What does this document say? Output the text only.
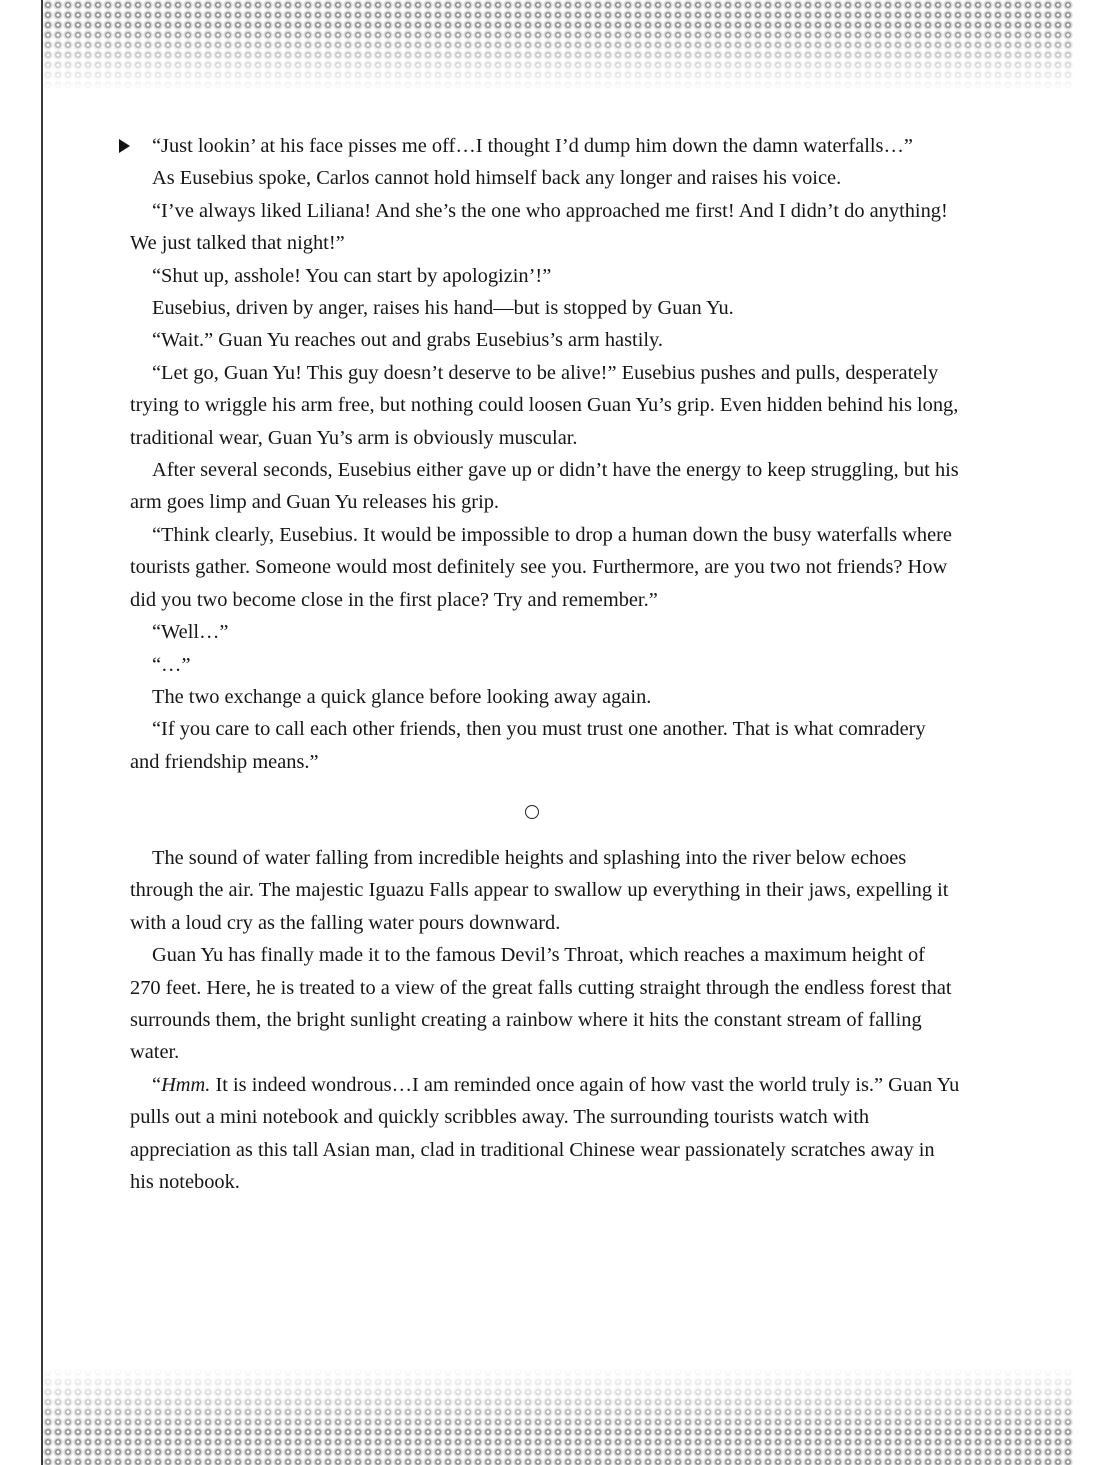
“Just lookin’ at his face pisses me off…I thought I’d dump him down the damn waterfalls…”

As Eusebius spoke, Carlos cannot hold himself back any longer and raises his voice.

“I’ve always liked Liliana! And she’s the one who approached me first! And I didn’t do anything! We just talked that night!”

“Shut up, asshole! You can start by apologizin’!”

Eusebius, driven by anger, raises his hand—but is stopped by Guan Yu.

“Wait.” Guan Yu reaches out and grabs Eusebius’s arm hastily.

“Let go, Guan Yu! This guy doesn’t deserve to be alive!” Eusebius pushes and pulls, desperately trying to wriggle his arm free, but nothing could loosen Guan Yu’s grip. Even hidden behind his long, traditional wear, Guan Yu’s arm is obviously muscular.

After several seconds, Eusebius either gave up or didn’t have the energy to keep struggling, but his arm goes limp and Guan Yu releases his grip.

“Think clearly, Eusebius. It would be impossible to drop a human down the busy waterfalls where tourists gather. Someone would most definitely see you. Furthermore, are you two not friends? How did you two become close in the first place? Try and remember.”

“Well…”

“…”

The two exchange a quick glance before looking away again.

“If you care to call each other friends, then you must trust one another. That is what comradery and friendship means.”

The sound of water falling from incredible heights and splashing into the river below echoes through the air. The majestic Iguazu Falls appear to swallow up everything in their jaws, expelling it with a loud cry as the falling water pours downward.

Guan Yu has finally made it to the famous Devil’s Throat, which reaches a maximum height of 270 feet. Here, he is treated to a view of the great falls cutting straight through the endless forest that surrounds them, the bright sunlight creating a rainbow where it hits the constant stream of falling water.

“Hmm. It is indeed wondrous…I am reminded once again of how vast the world truly is.” Guan Yu pulls out a mini notebook and quickly scribbles away. The surrounding tourists watch with appreciation as this tall Asian man, clad in traditional Chinese wear passionately scratches away in his notebook.
